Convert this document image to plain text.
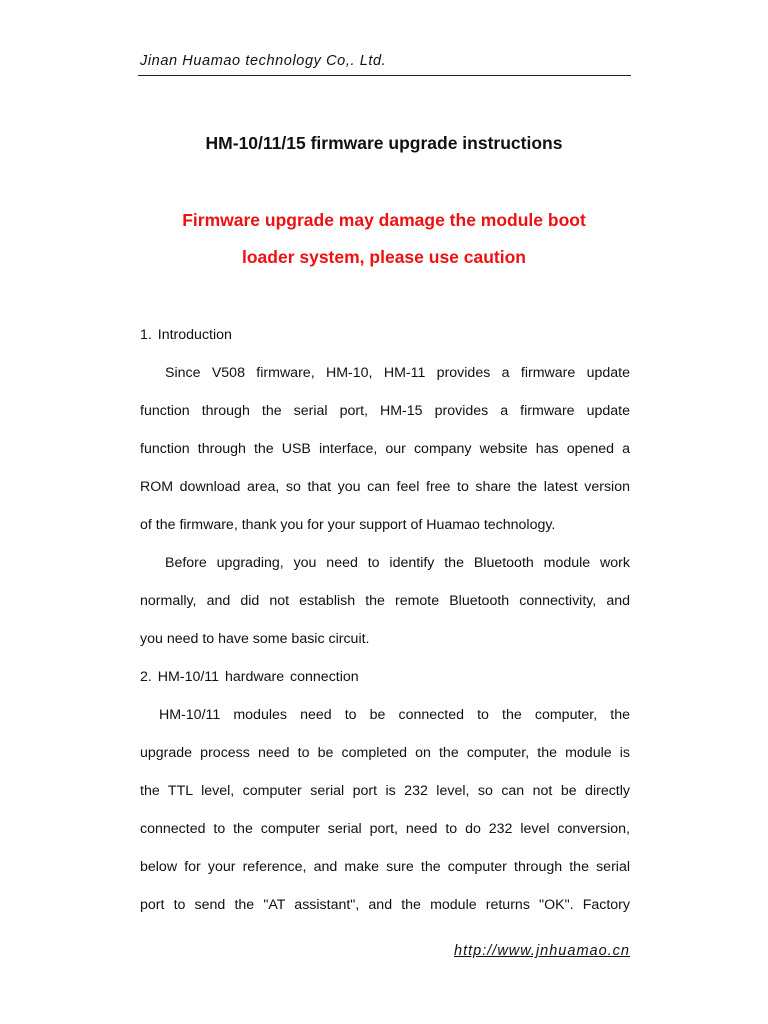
Jinan Huamao technology Co,. Ltd.
HM-10/11/15 firmware upgrade instructions
Firmware upgrade may damage the module boot
loader system, please use caution
1. Introduction
Since V508 firmware, HM-10, HM-11 provides a firmware update
function through the serial port, HM-15 provides a firmware update
function through the USB interface, our company website has opened a
ROM download area, so that you can feel free to share the latest version
of the firmware, thank you for your support of Huamao technology.
Before upgrading, you need to identify the Bluetooth module work
normally, and did not establish the remote Bluetooth connectivity, and
you need to have some basic circuit.
2. HM-10/11 hardware connection
HM-10/11 modules need to be connected to the computer, the
upgrade process need to be completed on the computer, the module is
the TTL level, computer serial port is 232 level, so can not be directly
connected to the computer serial port, need to do 232 level conversion,
below for your reference, and make sure the computer through the serial
port to send the "AT assistant", and the module returns "OK". Factory
http://www.jnhuamao.cn
